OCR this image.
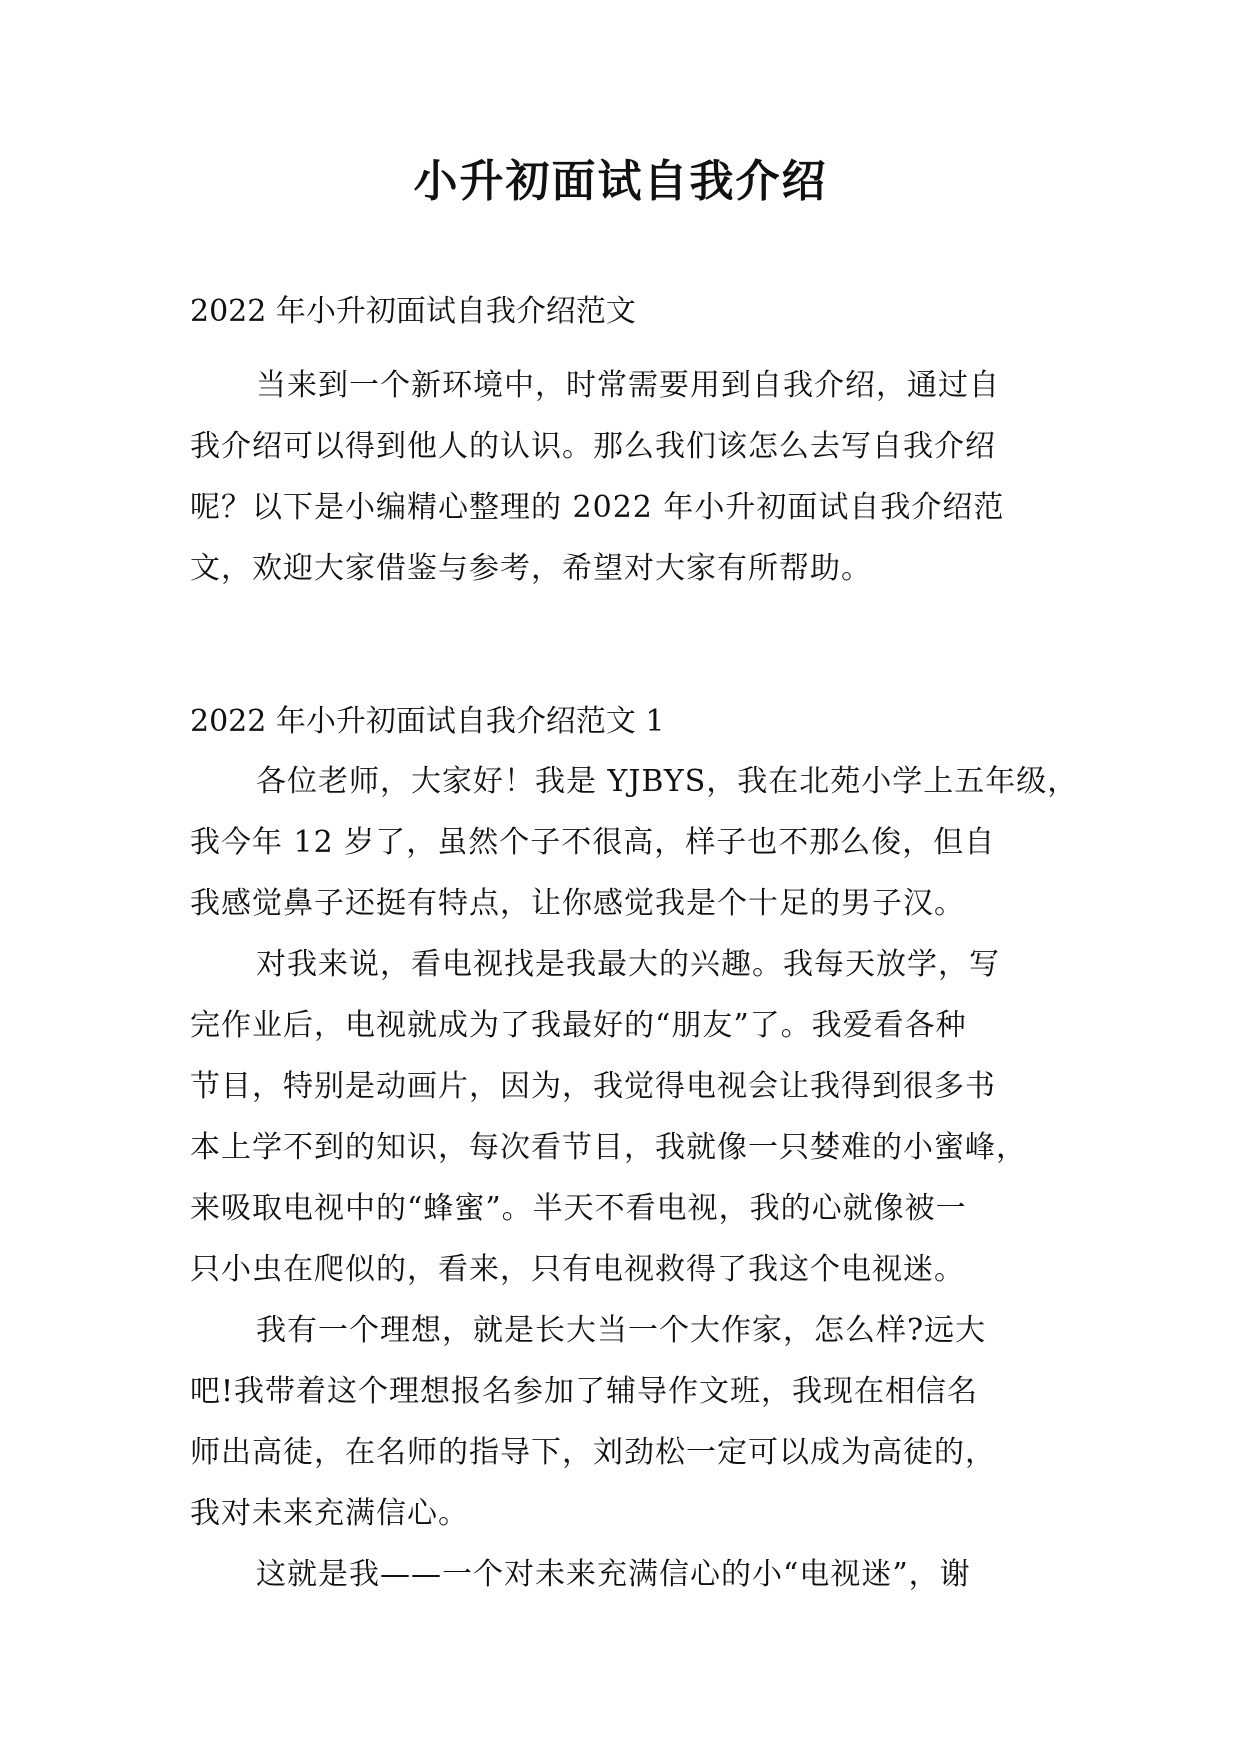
小升初面试自我介绍
2022 年小升初面试自我介绍范文
当来到一个新环境中，时常需要用到自我介绍，通过自
我介绍可以得到他人的认识。那么我们该怎么去写自我介绍
呢？以下是小编精心整理的 2022 年小升初面试自我介绍范
文，欢迎大家借鉴与参考，希望对大家有所帮助。
2022 年小升初面试自我介绍范文 1
各位老师，大家好！我是 YJBYS，我在北苑小学上五年级，
我今年 12 岁了，虽然个子不很高，样子也不那么俊，但自
我感觉鼻子还挺有特点，让你感觉我是个十足的男子汉。
对我来说，看电视找是我最大的兴趣。我每天放学，写
完作业后，电视就成为了我最好的“朋友”了。我爱看各种
节目，特别是动画片，因为，我觉得电视会让我得到很多书
本上学不到的知识，每次看节目，我就像一只婪难的小蜜峰，
来吸取电视中的“蜂蜜”。半天不看电视，我的心就像被一
只小虫在爬似的，看来，只有电视救得了我这个电视迷。
我有一个理想，就是长大当一个大作家，怎么样?远大
吧!我带着这个理想报名参加了辅导作文班，我现在相信名
师出高徒，在名师的指导下，刘劲松一定可以成为高徒的，
我对未来充满信心。
这就是我——一个对未来充满信心的小“电视迷”，谢
